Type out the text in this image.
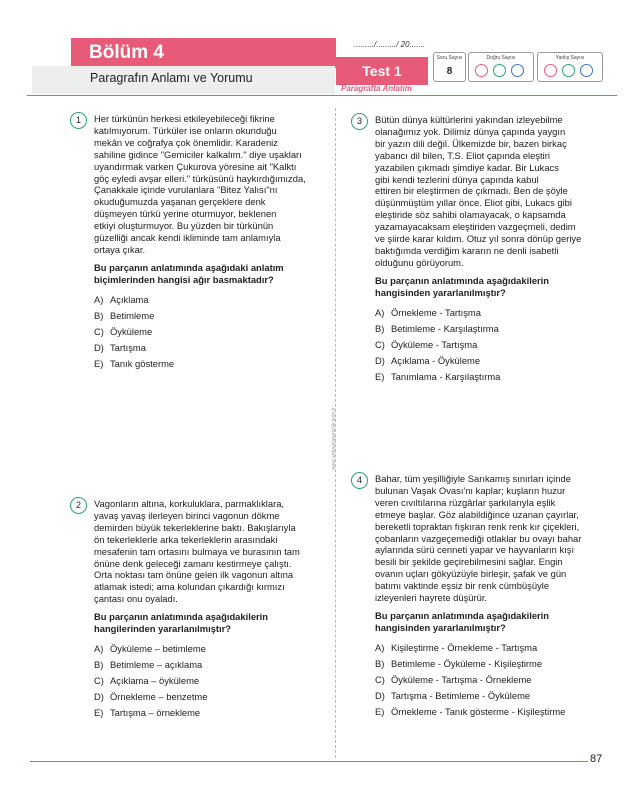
Bölüm 4
Paragrafın Anlamı ve Yorumu
........./........./ 20.......
Test 1
Paragrafta Anlatım
Soru Sayısı
8
Doğru Sayısı	Yanlış Sayısı
www.ankarayayincilik.com.tr
1	Her türkünün herkesi etkileyebileceği fikrine

katılmıyorum. Türküler ise onların okunduğu

mekân ve coğrafya çok önemlidir. Karadeniz

sahiline gidince "Gemiciler kalkalım." diye uşakları

uyandırmak varken Çukurova yöresine ait "Kalktı

göç eyledi avşar elleri." türküsünü haykırdığımızda,

Çanakkale içinde vurulanlara "Bitez Yalısı"nı

okuduğumuzda yaşanan gerçeklere denk

düşmeyen türkü yerine oturmuyor, beklenen

etkiyi oluşturmuyor. Bu yüzden bir türkünün

güzelliği ancak kendi ikliminde tam anlamıyla

ortaya çıkar.

Bu parçanın anlatımında aşağıdaki anlatım

biçimlerinden hangisi ağır basmaktadır?

A) Açıklama
B) Betimleme
C) Öyküleme
D) Tartışma
E) Tanık gösterme
2	Vagonların altına, korkuluklara, parmaklıklara,

yavaş yavaş ilerleyen birinci vagonun dökme

demirden büyük tekerleklerine baktı. Bakışlarıyla

ön tekerleklerle arka tekerleklerin arasındaki

mesafenin tam ortasını bulmaya ve burasının tam

önüne denk geleceği zamanı kestirmeye çalıştı.

Orta noktası tam önüne gelen ilk vagonun altına

atlamak istedi; ama kolundan çıkardığı kırmızı

çantası onu oyaladı.

Bu parçanın anlatımında aşağıdakilerin

hangilerinden yararlanılmıştır?

A) Öyküleme – betimleme
B) Betimleme – açıklama
C) Açıklama – öyküleme
D) Örnekleme – benzetme
E) Tartışma – örnekleme
3	Bütün dünya kültürlerini yakından izleyebilme

olanağımız yok. Dilimiz dünya çapında yaygın

bir yazın dili değil. Ülkemizde bir, bazen birkaç

yabancı dil bilen, T.S. Eliot çapında eleştiri

yazabilen çıkmadı şimdiye kadar. Bir Lukacs

gibi kendi tezlerini dünya çapında kabul

ettiren bir eleştirmen de çıkmadı. Ben de şöyle

düşünmüştüm yıllar önce. Eliot gibi, Lukacs gibi

eleştiride söz sahibi olamayacak, o kapsamda

yazamayacaksam eleştiriden vazgeçmeli, dedim

ve şiirde karar kıldım. Otuz yıl sonra dönüp geriye

baktığımda verdiğim kararın ne denli isabetli

olduğunu görüyorum.

Bu parçanın anlatımında aşağıdakilerin

hangisinden yararlanılmıştır?

A) Örnekleme - Tartışma
B) Betimleme - Karşılaştırma
C) Öyküleme - Tartışma
D) Açıklama - Öyküleme
E) Tanımlama - Karşılaştırma
4	Bahar, tüm yeşilliğiyle Sarıkamış sınırları içinde

bulunan Vaşak Ovası'nı kaplar; kuşların huzur

veren cıvıltılarına rüzgârlar şarkılarıyla eşlik

etmeye başlar. Göz alabildiğince uzanan çayırlar,

bereketli topraktan fışkıran renk renk kır çiçekleri,

çobanların vazgeçemediği otlaklar bu ovayı bahar

aylarında sürü cenneti yapar ve hayvanların kışı

besili bir şekilde geçirebilmesini sağlar. Engin

ovanın uçları gökyüzüyle birleşir, şafak ve gün

batımı vaktinde eşsiz bir renk cümbüşüyle

izleyenleri hayrete düşürür.

Bu parçanın anlatımında aşağıdakilerin

hangisinden yararlanılmıştır?

A) Kişileştirme - Örnekleme - Tartışma
B) Betimleme - Öyküleme - Kişileştirme
C) Öyküleme - Tartışma - Örnekleme
D) Tartışma - Betimleme - Öyküleme
E) Örnekleme - Tanık gösterme - Kişileştirme
87
